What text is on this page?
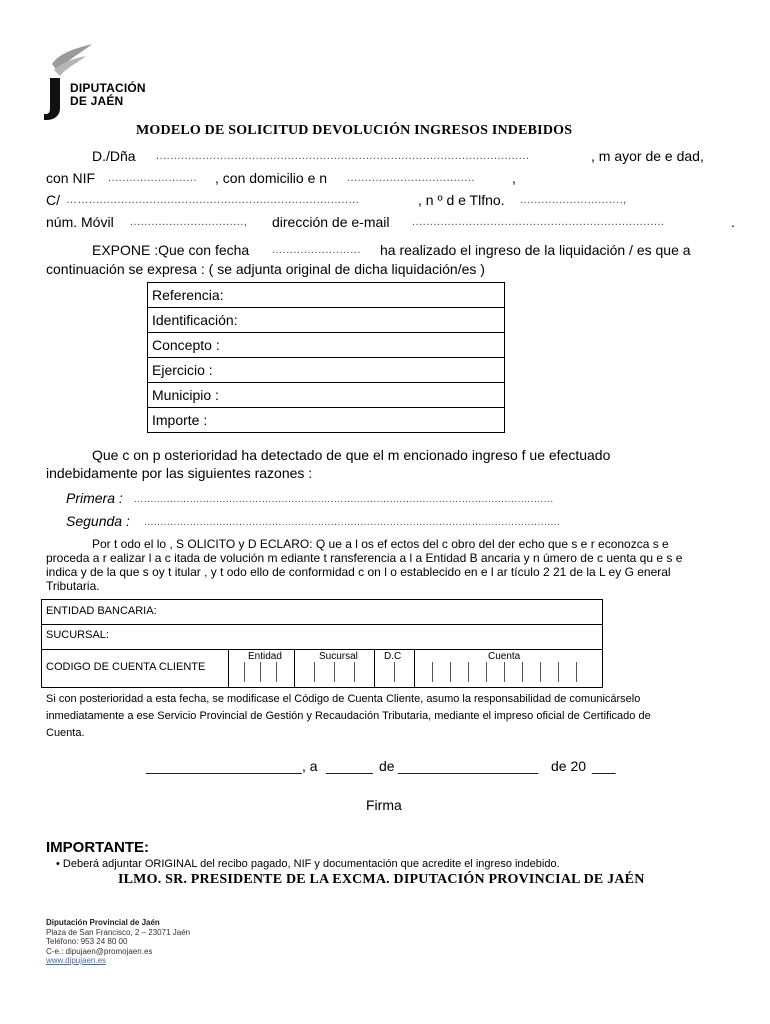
DIPUTACIÓN
DE JAÉN
MODELO DE SOLICITUD DEVOLUCIÓN INGRESOS INDEBIDOS
D./Dña .........................................................................................................	, m ayor de e dad,
con NIF ......................... , con domicilio e n ....................................	,
C/ ……............................................................................	, n º d e Tlfno. .............................,
núm. Móvil ................................, dirección de e-mail .......................................................................	.
EXPONE :Que con fecha ......................... ha realizado el ingreso de la liquidación / es que a
continuación se expresa : ( se adjunta original de dicha liquidación/es )
Referencia:
Identificación:
Concepto :
Ejercicio :
Municipio :
Importe :
Que c on p osterioridad ha detectado de que el m encionado ingreso f ue efectuado
indebidamente por las siguientes razones :
Primera : ................................................................................................................................
Segunda : ...............................................................................................................................
Por t odo el lo , S OLICITO y D ECLARO: Q ue a l os ef ectos del c obro del der echo que s e r econozca s e
proceda a r ealizar l a c itada de volución m ediante t ransferencia a l a Entidad B ancaria y n úmero de c uenta qu e s e
indica y de la que s oy t itular , y t odo ello de conformidad c on l o establecido en e l ar tículo 2 21 de la L ey G eneral
Tributaria.
ENTIDAD BANCARIA:
SUCURSAL:
CODIGO DE CUENTA CLIENTE
Entidad	Sucursal	D.C	Cuenta
Si con posterioridad a esta fecha, se modificase el Código de Cuenta Cliente, asumo la responsabilidad de comunicárselo
inmediatamente a ese Servicio Provincial de Gestión y Recaudación Tributaria, mediante el impreso oficial de Certificado de
Cuenta.
____________________ , a ______ de __________________ de 20 ___
Firma
IMPORTANTE:
• Deberá adjuntar ORIGINAL del recibo pagado, NIF y documentación que acredite el ingreso indebido.
ILMO. SR. PRESIDENTE DE LA EXCMA. DIPUTACIÓN PROVINCIAL DE JAÉN
Diputación Provincial de Jaén
Plaza de San Francisco, 2 – 23071 Jaén
Teléfono: 953 24 80 00
C-e.: dipujaen@promojaen.es
www.dipujaen.es
